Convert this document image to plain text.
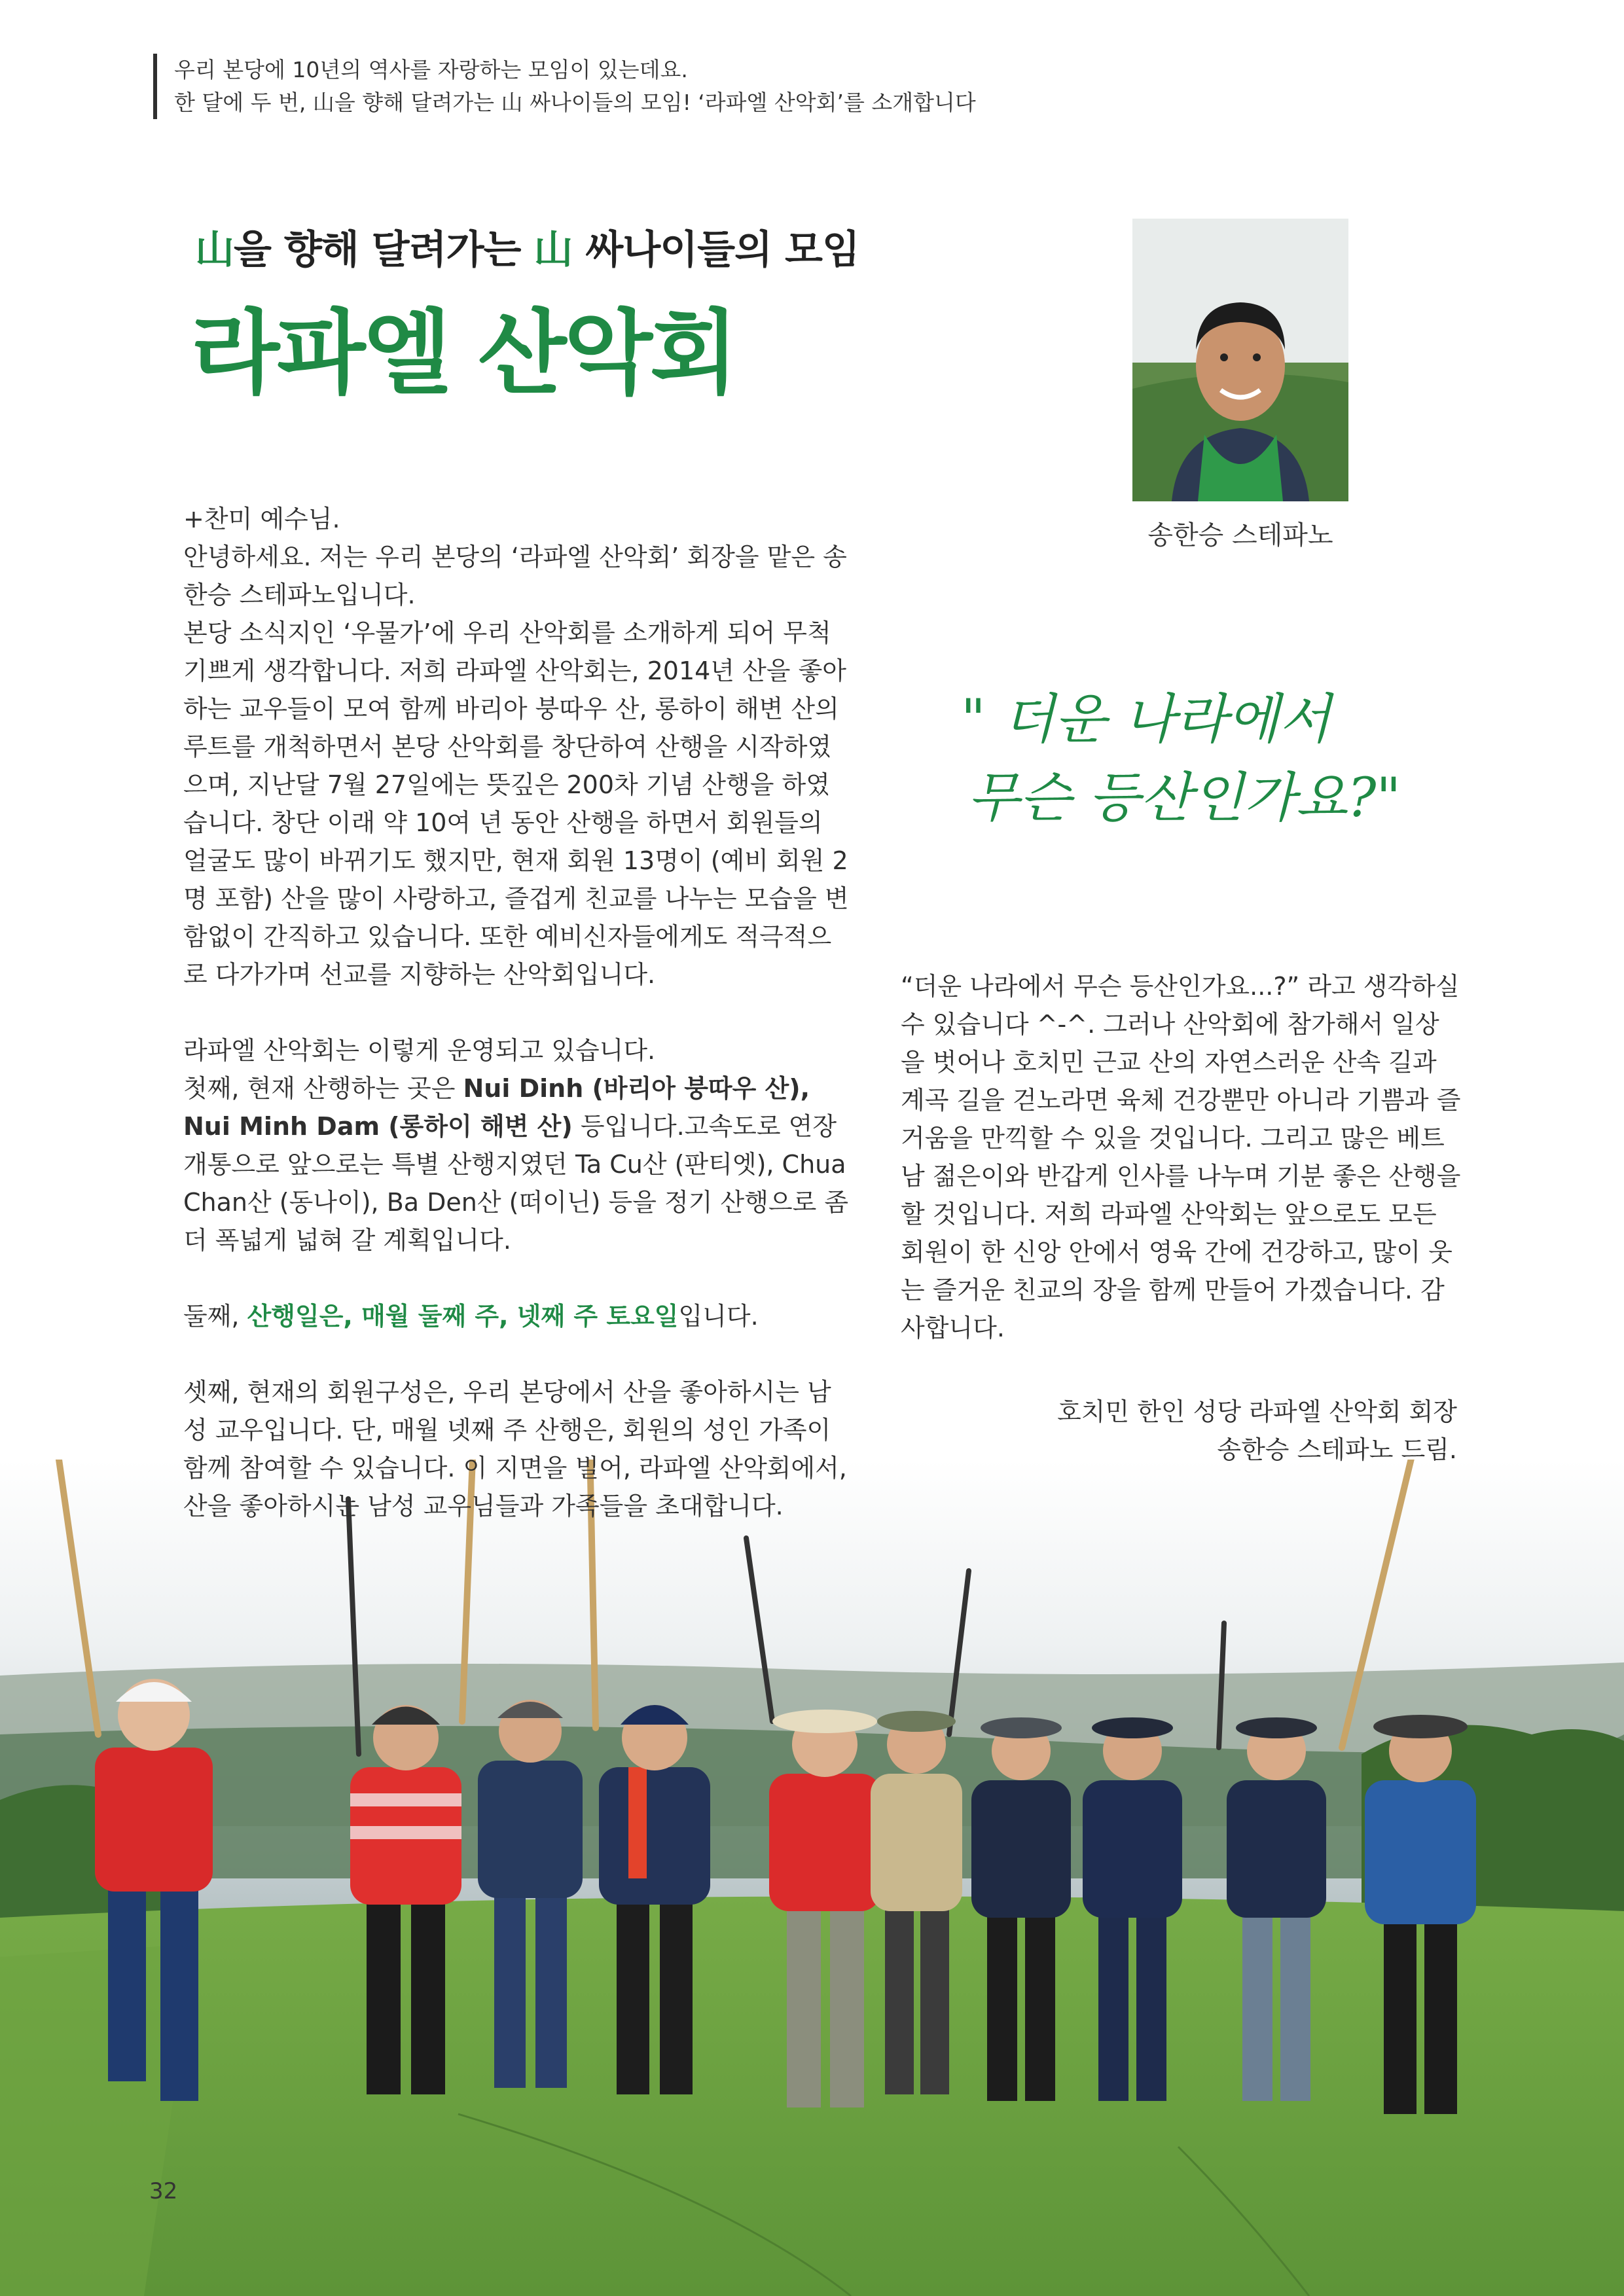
우리 본당에 10년의 역사를 자랑하는 모임이 있는데요.
한 달에 두 번, 山을 향해 달려가는 山 싸나이들의 모임! ‘라파엘 산악회’를 소개합니다
山을 향해 달려가는 山 싸나이들의 모임
라파엘 산악회
송한승 스테파노
" 더운 나라에서
무슨 등산인가요?"

+찬미 예수님.

안녕하세요. 저는 우리 본당의 ‘라파엘 산악회’ 회장을 맡은 송한승 스테파노입니다.

본당 소식지인 ‘우물가’에 우리 산악회를 소개하게 되어 무척 기쁘게 생각합니다. 저희 라파엘 산악회는, 2014년 산을 좋아하는 교우들이 모여 함께 바리아 붕따우 산, 롱하이 해변 산의 루트를 개척하면서 본당 산악회를 창단하여 산행을 시작하였으며, 지난달 7월 27일에는 뜻깊은 200차 기념 산행을 하였습니다. 창단 이래 약 10여 년 동안 산행을 하면서 회원들의 얼굴도 많이 바뀌기도 했지만, 현재 회원 13명이 (예비 회원 2명 포함) 산을 많이 사랑하고, 즐겁게 친교를 나누는 모습을 변함없이 간직하고 있습니다. 또한 예비신자들에게도 적극적으로 다가가며 선교를 지향하는 산악회입니다.

라파엘 산악회는 이렇게 운영되고 있습니다.

첫째, 현재 산행하는 곳은 Nui Dinh (바리아 붕따우 산), Nui Minh Dam (롱하이 해변 산) 등입니다.고속도로 연장 개통으로 앞으로는 특별 산행지였던 Ta Cu산 (판티엣), Chua Chan산 (동나이), Ba Den산 (떠이닌) 등을 정기 산행으로 좀 더 폭넓게 넓혀 갈 계획입니다.

둘째, 산행일은, 매월 둘째 주, 넷째 주 토요일입니다.

셋째, 현재의 회원구성은, 우리 본당에서 산을 좋아하시는 남성 교우입니다. 단, 매월 넷째 주 산행은, 회원의 성인 가족이 함께 참여할 수 있습니다. 이 지면을 빌어, 라파엘 산악회에서, 산을 좋아하시는 남성 교우님들과 가족들을 초대합니다.

“더운 나라에서 무슨 등산인가요...?” 라고 생각하실 수 있습니다 ^-^. 그러나 산악회에 참가해서 일상을 벗어나 호치민 근교 산의 자연스러운 산속 길과 계곡 길을 걷노라면 육체 건강뿐만 아니라 기쁨과 즐거움을 만끽할 수 있을 것입니다. 그리고 많은 베트남 젊은이와 반갑게 인사를 나누며 기분 좋은 산행을 할 것입니다. 저희 라파엘 산악회는 앞으로도 모든 회원이 한 신앙 안에서 영육 간에 건강하고, 많이 웃는 즐거운 친교의 장을 함께 만들어 가겠습니다. 감사합니다.

호치민 한인 성당 라파엘 산악회 회장
송한승 스테파노 드림.
32
